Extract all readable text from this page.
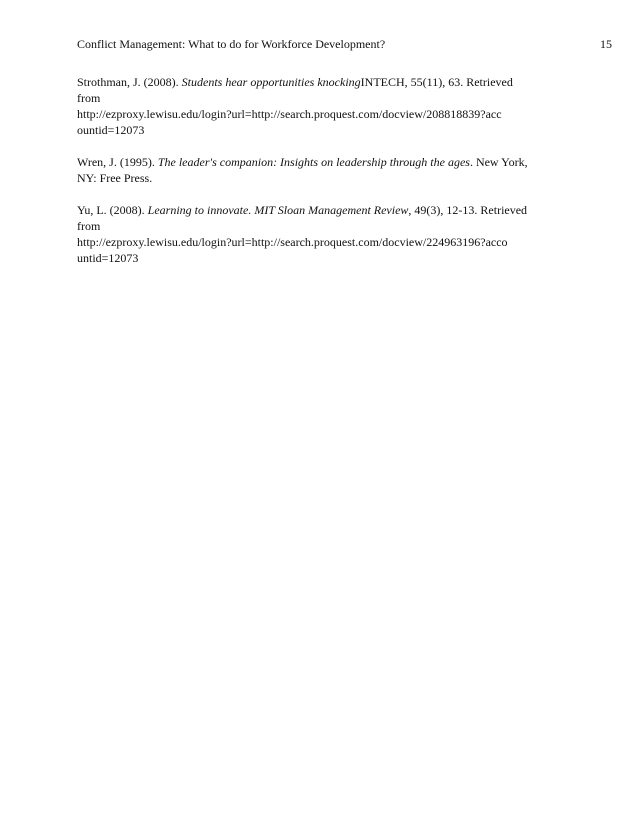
Conflict Management: What to do for Workforce Development?	15
Strothman, J. (2008). Students hear opportunities knockingINTECH, 55(11), 63. Retrieved
from
http://ezproxy.lewisu.edu/login?url=http://search.proquest.com/docview/208818839?acc
ountid=12073
Wren, J. (1995). The leader's companion: Insights on leadership through the ages. New York,
NY: Free Press.
Yu, L. (2008). Learning to innovate. MIT Sloan Management Review, 49(3), 12-13. Retrieved
from
http://ezproxy.lewisu.edu/login?url=http://search.proquest.com/docview/224963196?acco
untid=12073
